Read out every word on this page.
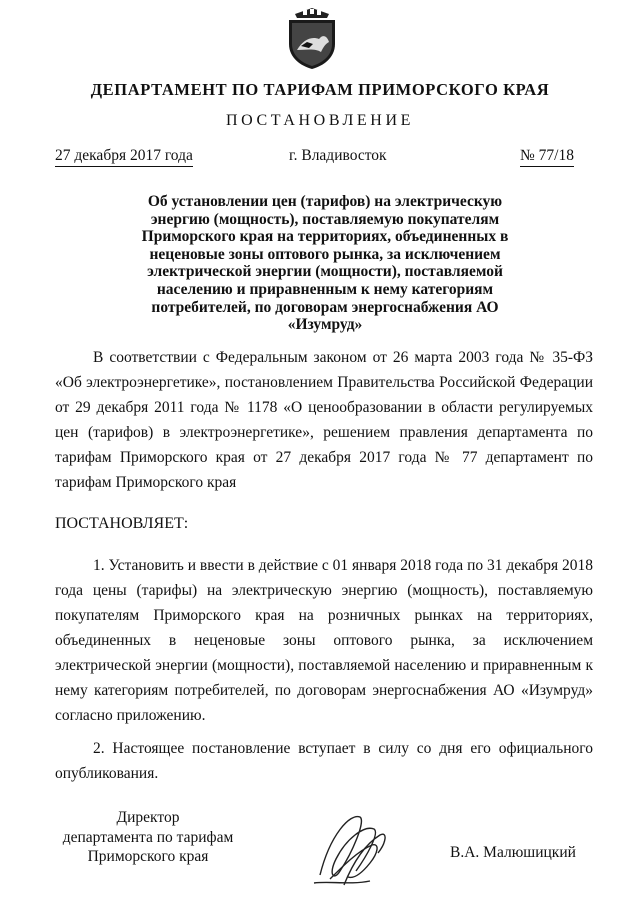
ДЕПАРТАМЕНТ ПО ТАРИФАМ ПРИМОРСКОГО КРАЯ
ПОСТАНОВЛЕНИЕ
27 декабря 2017 года	г. Владивосток	№ 77/18
Об установлении цен (тарифов) на электрическую энергию (мощность), поставляемую покупателям Приморского края на территориях, объединенных в неценовые зоны оптового рынка, за исключением электрической энергии (мощности), поставляемой населению и приравненным к нему категориям потребителей, по договорам энергоснабжения АО «Изумруд»
В соответствии с Федеральным законом от 26 марта 2003 года № 35-ФЗ «Об электроэнергетике», постановлением Правительства Российской Федерации от 29 декабря 2011 года № 1178 «О ценообразовании в области регулируемых цен (тарифов) в электроэнергетике», решением правления департамента по тарифам Приморского края от 27 декабря 2017 года № 77 департамент по тарифам Приморского края
ПОСТАНОВЛЯЕТ:
1. Установить и ввести в действие с 01 января 2018 года по 31 декабря 2018 года цены (тарифы) на электрическую энергию (мощность), поставляемую покупателям Приморского края на розничных рынках на территориях, объединенных в неценовые зоны оптового рынка, за исключением электрической энергии (мощности), поставляемой населению и приравненным к нему категориям потребителей, по договорам энергоснабжения АО «Изумруд» согласно приложению.
2. Настоящее постановление вступает в силу со дня его официального опубликования.
Директор
департамента по тарифам
Приморского края	В.А. Малюшицкий
